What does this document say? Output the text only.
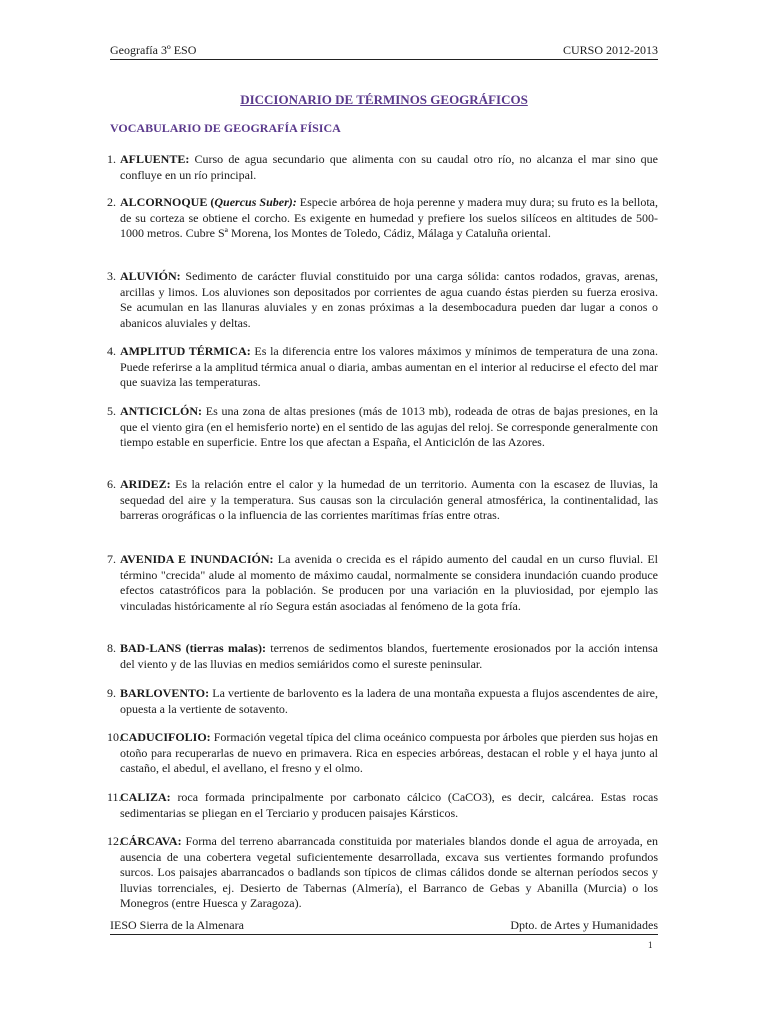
Geografía 3º ESO	CURSO 2012-2013
DICCIONARIO DE TÉRMINOS GEOGRÁFICOS
VOCABULARIO DE GEOGRAFÍA FÍSICA
1. AFLUENTE: Curso de agua secundario que alimenta con su caudal otro río, no alcanza el mar sino que confluye en un río principal.
2. ALCORNOQUE (Quercus Suber): Especie arbórea de hoja perenne y madera muy dura; su fruto es la bellota, de su corteza se obtiene el corcho. Es exigente en humedad y prefiere los suelos silíceos en altitudes de 500-1000 metros. Cubre Sª Morena, los Montes de Toledo, Cádiz, Málaga y Cataluña oriental.
3. ALUVIÓN: Sedimento de carácter fluvial constituido por una carga sólida: cantos rodados, gravas, arenas, arcillas y limos. Los aluviones son depositados por corrientes de agua cuando éstas pierden su fuerza erosiva. Se acumulan en las llanuras aluviales y en zonas próximas a la desembocadura pueden dar lugar a conos o abanicos aluviales y deltas.
4. AMPLITUD TÉRMICA: Es la diferencia entre los valores máximos y mínimos de temperatura de una zona. Puede referirse a la amplitud térmica anual o diaria, ambas aumentan en el interior al reducirse el efecto del mar que suaviza las temperaturas.
5. ANTICICLÓN: Es una zona de altas presiones (más de 1013 mb), rodeada de otras de bajas presiones, en la que el viento gira (en el hemisferio norte) en el sentido de las agujas del reloj. Se corresponde generalmente con tiempo estable en superficie. Entre los que afectan a España, el Anticiclón de las Azores.
6. ARIDEZ: Es la relación entre el calor y la humedad de un territorio. Aumenta con la escasez de lluvias, la sequedad del aire y la temperatura. Sus causas son la circulación general atmosférica, la continentalidad, las barreras orográficas o la influencia de las corrientes marítimas frías entre otras.
7. AVENIDA E INUNDACIÓN: La avenida o crecida es el rápido aumento del caudal en un curso fluvial. El término "crecida" alude al momento de máximo caudal, normalmente se considera inundación cuando produce efectos catastróficos para la población. Se producen por una variación en la pluviosidad, por ejemplo las vinculadas históricamente al río Segura están asociadas al fenómeno de la gota fría.
8. BAD-LANS (tierras malas): terrenos de sedimentos blandos, fuertemente erosionados por la acción intensa del viento y de las lluvias en medios semiáridos como el sureste peninsular.
9. BARLOVENTO: La vertiente de barlovento es la ladera de una montaña expuesta a flujos ascendentes de aire, opuesta a la vertiente de sotavento.
10.
CADUCIFOLIO: Formación vegetal típica del clima oceánico compuesta por árboles que pierden sus hojas en otoño para recuperarlas de nuevo en primavera. Rica en especies arbóreas, destacan el roble y el haya junto al castaño, el abedul, el avellano, el fresno y el olmo.
11.
CALIZA: roca formada principalmente por carbonato cálcico (CaCO3), es decir, calcárea. Estas rocas sedimentarias se pliegan en el Terciario y producen paisajes Kársticos.
12.
CÁRCAVA: Forma del terreno abarrancada constituida por materiales blandos donde el agua de arroyada, en ausencia de una cobertera vegetal suficientemente desarrollada, excava sus vertientes formando profundos surcos. Los paisajes abarrancados o badlands son típicos de climas cálidos donde se alternan períodos secos y lluvias torrenciales, ej. Desierto de Tabernas (Almería), el Barranco de Gebas y Abanilla (Murcia) o los Monegros (entre Huesca y Zaragoza).
IESO Sierra de la Almenara	Dpto. de Artes y Humanidades
1
